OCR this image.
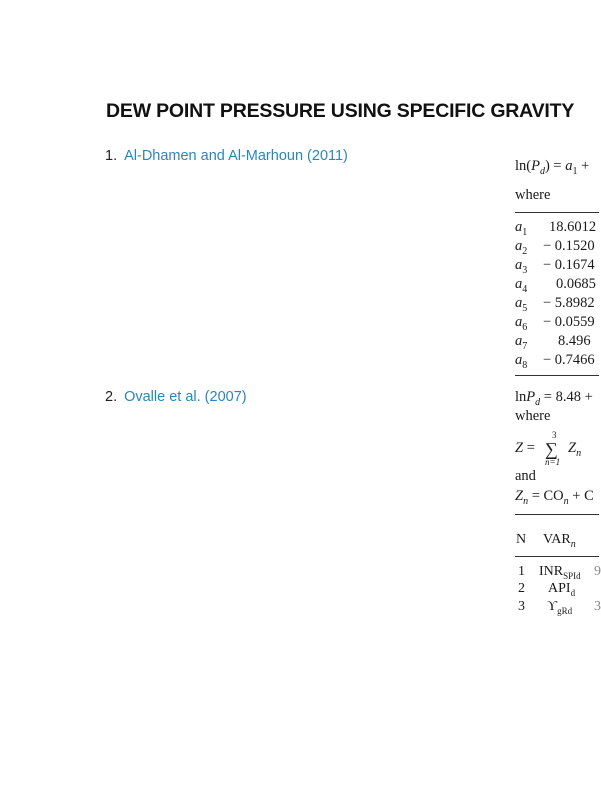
DEW POINT PRESSURE USING SPECIFIC GRAVITY
1. Al-Dhamen and Al-Marhoun (2011)
2. Ovalle et al. (2007)
$\ln(P_d) = a_1$ +
where
$a_1$ 18.6012
$a_2 - 0.1520$
$a_3 - 0.1674$
$a_4$ 0.0685
$a_5 - 5.8982$
$a_6 - 0.0559$
$a_7$ 8.496
$a_8 - 0.7466$
lnP$_d$ = 8.48 +
where
Z =
3
∑
n=1
$Z_n$
and
$Z_n = CO_n + C$
N $VAR_n$
1 $INR_{SPId}$ 9
2 $API_d$
3 $ϒ_{gRd}$ 3
